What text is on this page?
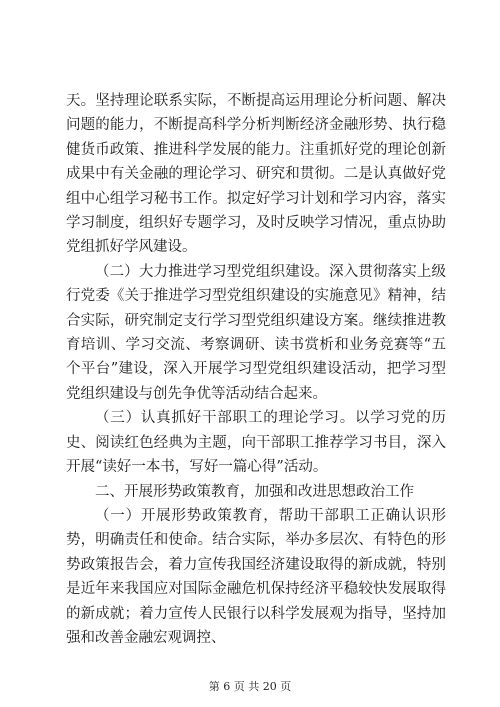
天。坚持理论联系实际，不断提高运用理论分析问题、解决问题的能力，不断提高科学分析判断经济金融形势、执行稳健货币政策、推进科学发展的能力。注重抓好党的理论创新成果中有关金融的理论学习、研究和贯彻。二是认真做好党组中心组学习秘书工作。拟定好学习计划和学习内容，落实学习制度，组织好专题学习，及时反映学习情况，重点协助党组抓好学风建设。

（二）大力推进学习型党组织建设。深入贯彻落实上级行党委《关于推进学习型党组织建设的实施意见》精神，结合实际，研究制定支行学习型党组织建设方案。继续推进教育培训、学习交流、考察调研、读书赏析和业务竞赛等“五个平台”建设，深入开展学习型党组织建设活动，把学习型党组织建设与创先争优等活动结合起来。

（三）认真抓好干部职工的理论学习。以学习党的历史、阅读红色经典为主题，向干部职工推荐学习书目，深入开展“读好一本书，写好一篇心得”活动。

二、开展形势政策教育，加强和改进思想政治工作

（一）开展形势政策教育，帮助干部职工正确认识形势，明确责任和使命。结合实际，举办多层次、有特色的形势政策报告会，着力宣传我国经济建设取得的新成就，特别是近年来我国应对国际金融危机保持经济平稳较快发展取得的新成就；着力宣传人民银行以科学发展观为指导，坚持加强和改善金融宏观调控、

第 6 页 共 20 页
